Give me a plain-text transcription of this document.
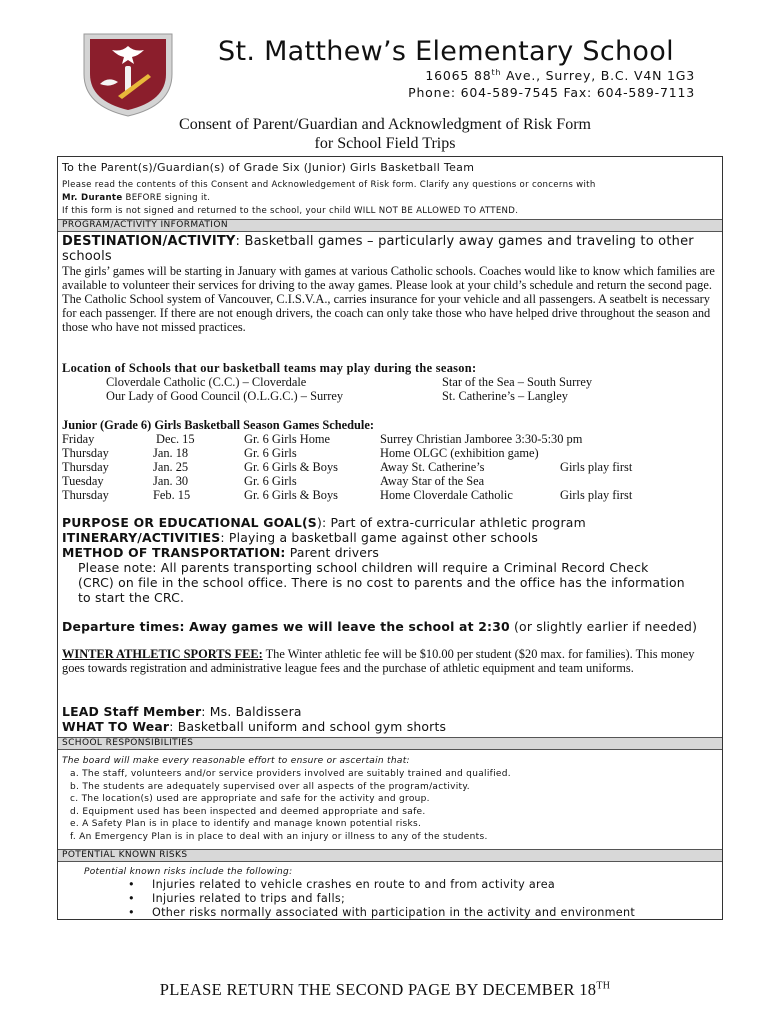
St. Matthew’s Elementary School
16065 88th Ave., Surrey, B.C. V4N 1G3
Phone: 604-589-7545 Fax: 604-589-7113
Consent of Parent/Guardian and Acknowledgment of Risk Form
for School Field Trips
To the Parent(s)/Guardian(s) of Grade Six (Junior) Girls Basketball Team
Please read the contents of this Consent and Acknowledgement of Risk form. Clarify any questions or concerns with
Mr. Durante BEFORE signing it.
If this form is not signed and returned to the school, your child WILL NOT BE ALLOWED TO ATTEND.
PROGRAM/ACTIVITY INFORMATION
DESTINATION/ACTIVITY: Basketball games – particularly away games and traveling to other schools
The girls’ games will be starting in January with games at various Catholic schools. Coaches would like to know which families are available to volunteer their services for driving to the away games. Please look at your child’s schedule and return the second page. The Catholic School system of Vancouver, C.I.S.V.A., carries insurance for your vehicle and all passengers. A seatbelt is necessary for each passenger. If there are not enough drivers, the coach can only take those who have helped drive throughout the season and those who have not missed practices.
Location of Schools that our basketball teams may play during the season:
Cloverdale Catholic (C.C.) – Cloverdale	Star of the Sea – South Surrey
Our Lady of Good Council (O.L.G.C.) – Surrey	St. Catherine’s – Langley
Junior (Grade 6) Girls Basketball Season Games Schedule:
Friday	Dec. 15	Gr. 6 Girls Home	Surrey Christian Jamboree 3:30-5:30 pm
Thursday	Jan. 18	Gr. 6 Girls	Home OLGC (exhibition game)
Thursday	Jan. 25	Gr. 6 Girls & Boys	Away St. Catherine’s	Girls play first
Tuesday	Jan. 30	Gr. 6 Girls	Away Star of the Sea
Thursday	Feb. 15	Gr. 6 Girls & Boys	Home Cloverdale Catholic	Girls play first
PURPOSE OR EDUCATIONAL GOAL(S): Part of extra-curricular athletic program
ITINERARY/ACTIVITIES: Playing a basketball game against other schools
METHOD OF TRANSPORTATION: Parent drivers
Please note: All parents transporting school children will require a Criminal Record Check (CRC) on file in the school office. There is no cost to parents and the office has the information to start the CRC.
Departure times: Away games we will leave the school at 2:30 (or slightly earlier if needed)
WINTER ATHLETIC SPORTS FEE: The Winter athletic fee will be $10.00 per student ($20 max. for families). This money goes towards registration and administrative league fees and the purchase of athletic equipment and team uniforms.
LEAD Staff Member: Ms. Baldissera
WHAT TO Wear: Basketball uniform and school gym shorts
SCHOOL RESPONSIBILITIES
The board will make every reasonable effort to ensure or ascertain that:
a. The staff, volunteers and/or service providers involved are suitably trained and qualified.
b. The students are adequately supervised over all aspects of the program/activity.
c. The location(s) used are appropriate and safe for the activity and group.
d. Equipment used has been inspected and deemed appropriate and safe.
e. A Safety Plan is in place to identify and manage known potential risks.
f. An Emergency Plan is in place to deal with an injury or illness to any of the students.
POTENTIAL KNOWN RISKS
Potential known risks include the following:
• Injuries related to vehicle crashes en route to and from activity area
• Injuries related to trips and falls;
• Other risks normally associated with participation in the activity and environment
PLEASE RETURN THE SECOND PAGE BY DECEMBER 18TH
